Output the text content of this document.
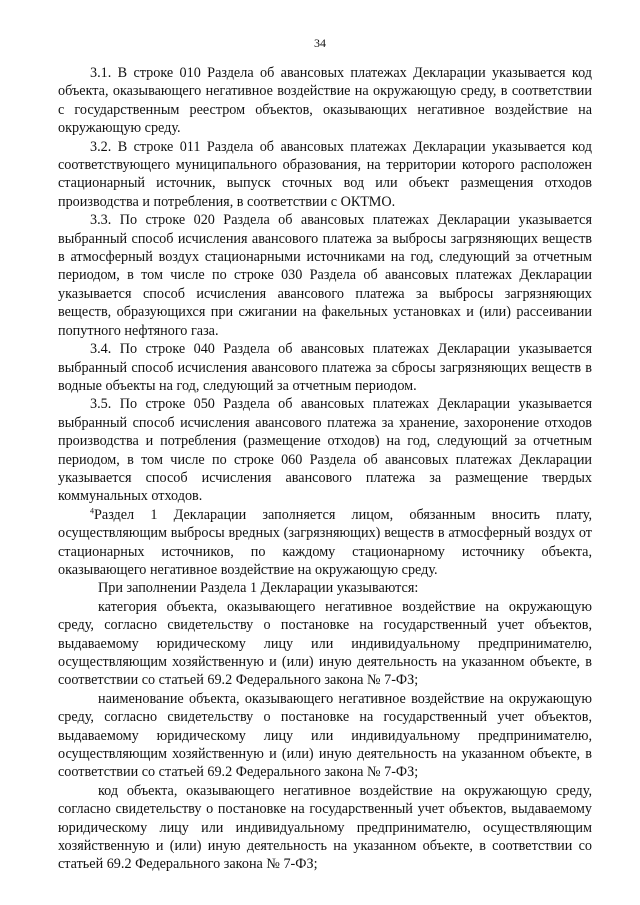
34

3.1. В строке 010 Раздела об авансовых платежах Декларации указывается код объекта, оказывающего негативное воздействие на окружающую среду, в соответствии с государственным реестром объектов, оказывающих негативное воздействие на окружающую среду.

3.2. В строке 011 Раздела об авансовых платежах Декларации указывается код соответствующего муниципального образования, на территории которого расположен стационарный источник, выпуск сточных вод или объект размещения отходов производства и потребления, в соответствии с ОКТМО.

3.3. По строке 020 Раздела об авансовых платежах Декларации указывается выбранный способ исчисления авансового платежа за выбросы загрязняющих веществ в атмосферный воздух стационарными источниками на год, следующий за отчетным периодом, в том числе по строке 030 Раздела об авансовых платежах Декларации указывается способ исчисления авансового платежа за выбросы загрязняющих веществ, образующихся при сжигании на факельных установках и (или) рассеивании попутного нефтяного газа.

3.4. По строке 040 Раздела об авансовых платежах Декларации указывается выбранный способ исчисления авансового платежа за сбросы загрязняющих веществ в водные объекты на год, следующий за отчетным периодом.

3.5. По строке 050 Раздела об авансовых платежах Декларации указывается выбранный способ исчисления авансового платежа за хранение, захоронение отходов производства и потребления (размещение отходов) на год, следующий за отчетным периодом, в том числе по строке 060 Раздела об авансовых платежах Декларации указывается способ исчисления авансового платежа за размещение твердых коммунальных отходов.

$^4$Раздел 1 Декларации заполняется лицом, обязанным вносить плату, осуществляющим выбросы вредных (загрязняющих) веществ в атмосферный воздух от стационарных источников, по каждому стационарному источнику объекта, оказывающего негативное воздействие на окружающую среду.

При заполнении Раздела 1 Декларации указываются:

категория объекта, оказывающего негативное воздействие на окружающую среду, согласно свидетельству о постановке на государственный учет объектов, выдаваемому юридическому лицу или индивидуальному предпринимателю, осуществляющим хозяйственную и (или) иную деятельность на указанном объекте, в соответствии со статьей 69.2 Федерального закона № 7-ФЗ;

наименование объекта, оказывающего негативное воздействие на окружающую среду, согласно свидетельству о постановке на государственный учет объектов, выдаваемому юридическому лицу или индивидуальному предпринимателю, осуществляющим хозяйственную и (или) иную деятельность на указанном объекте, в соответствии со статьей 69.2 Федерального закона № 7-ФЗ;

код объекта, оказывающего негативное воздействие на окружающую среду, согласно свидетельству о постановке на государственный учет объектов, выдаваемому юридическому лицу или индивидуальному предпринимателю, осуществляющим хозяйственную и (или) иную деятельность на указанном объекте, в соответствии со статьей 69.2 Федерального закона № 7-ФЗ;
